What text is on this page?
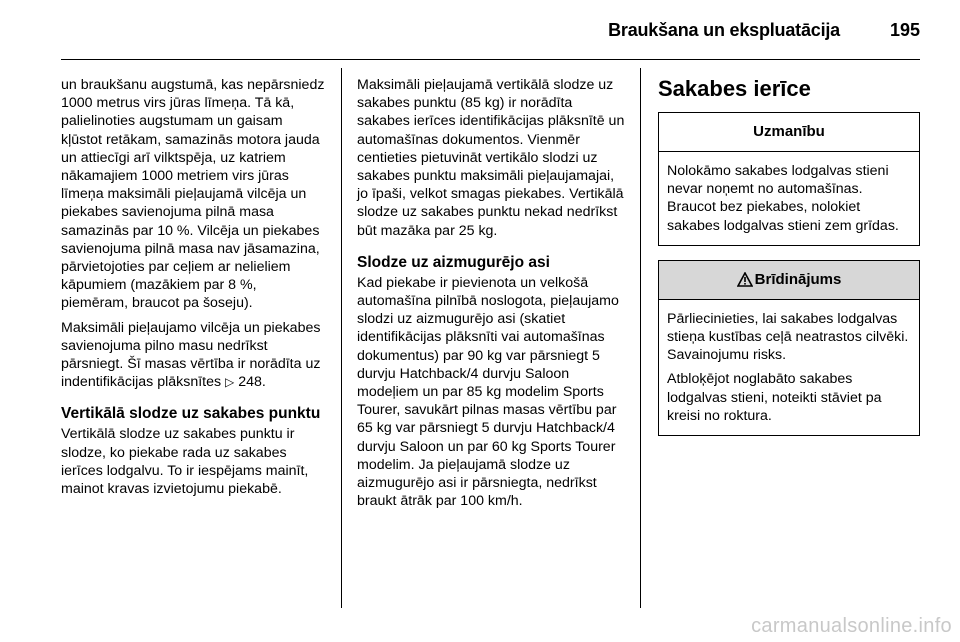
Braukšana un ekspluatācija	195

un braukšanu augstumā, kas nepārsniedz 1000 metrus virs jūras līmeņa. Tā kā, palielinoties augstumam un gaisam kļūstot retākam, samazinās motora jauda un attiecīgi arī vilktspēja, uz katriem nākamajiem 1000 metriem virs jūras līmeņa maksimāli pieļaujamā vilcēja un piekabes savienojuma pilnā masa samazinās par 10 %. Vilcēja un piekabes savienojuma pilnā masa nav jāsamazina, pārvietojoties par ceļiem ar nelieliem kāpumiem (mazākiem par 8 %, piemēram, braucot pa šoseju).

Maksimāli pieļaujamo vilcēja un piekabes savienojuma pilno masu nedrīkst pārsniegt. Šī masas vērtība ir norādīta uz indentifikācijas plāksnītes ▷ 248.

Vertikālā slodze uz sakabes punktu

Vertikālā slodze uz sakabes punktu ir slodze, ko piekabe rada uz sakabes ierīces lodgalvu. To ir iespējams mainīt, mainot kravas izvietojumu piekabē.

Maksimāli pieļaujamā vertikālā slodze uz sakabes punktu (85 kg) ir norādīta sakabes ierīces identifikācijas plāksnītē un automašīnas dokumentos. Vienmēr centieties pietuvināt vertikālo slodzi uz sakabes punktu maksimāli pieļaujamajai, jo īpaši, velkot smagas piekabes. Vertikālā slodze uz sakabes punktu nekad nedrīkst būt mazāka par 25 kg.

Slodze uz aizmugurējo asi

Kad piekabe ir pievienota un velkošā automašīna pilnībā noslogota, pieļaujamo slodzi uz aizmugurējo asi (skatiet identifikācijas plāksnīti vai automašīnas dokumentus) par 90 kg var pārsniegt 5 durvju Hatchback/4 durvju Saloon modeļiem un par 85 kg modelim Sports Tourer, savukārt pilnas masas vērtību par 65 kg var pārsniegt 5 durvju Hatchback/4 durvju Saloon un par 60 kg Sports Tourer modelim. Ja pieļaujamā slodze uz aizmugurējo asi ir pārsniegta, nedrīkst braukt ātrāk par 100 km/h.

Sakabes ierīce
Uzmanību

Nolokāmo sakabes lodgalvas stieni nevar noņemt no automašīnas. Braucot bez piekabes, nolokiet sakabes lodgalvas stieni zem grīdas.

Brīdinājums

Pārliecinieties, lai sakabes lodgalvas stieņa kustības ceļā neatrastos cilvēki. Savainojumu risks.

Atbloķējot noglabāto sakabes lodgalvas stieni, noteikti stāviet pa kreisi no roktura.

carmanualsonline.info
